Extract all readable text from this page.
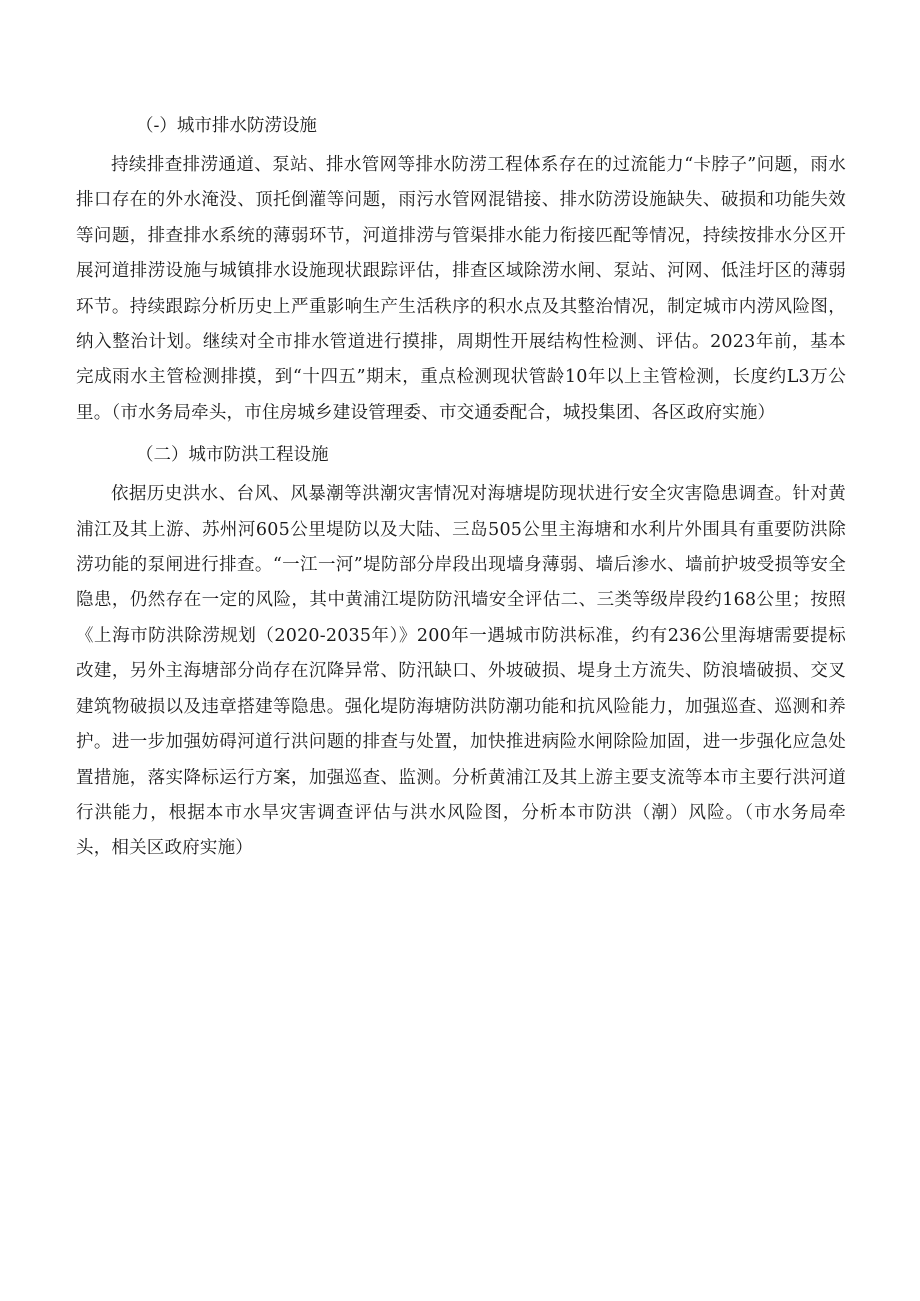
（-）城市排水防涝设施

持续排查排涝通道、泵站、排水管网等排水防涝工程体系存在的过流能力“卡脖子”问题，雨水排口存在的外水淹没、顶托倒灌等问题，雨污水管网混错接、排水防涝设施缺失、破损和功能失效等问题，排查排水系统的薄弱环节，河道排涝与管渠排水能力衔接匹配等情况，持续按排水分区开展河道排涝设施与城镇排水设施现状跟踪评估，排查区域除涝水闸、泵站、河网、低洼圩区的薄弱环节。持续跟踪分析历史上严重影响生产生活秩序的积水点及其整治情况，制定城市内涝风险图，纳入整治计划。继续对全市排水管道进行摸排，周期性开展结构性检测、评估。2023年前，基本完成雨水主管检测排摸，到“十四五”期末，重点检测现状管龄10年以上主管检测，长度约L3万公里。（市水务局牵头，市住房城乡建设管理委、市交通委配合，城投集团、各区政府实施）

（二）城市防洪工程设施

依据历史洪水、台风、风暴潮等洪潮灾害情况对海塘堤防现状进行安全灾害隐患调查。针对黄浦江及其上游、苏州河605公里堤防以及大陆、三岛505公里主海塘和水利片外围具有重要防洪除涝功能的泵闸进行排查。“一江一河”堤防部分岸段出现墙身薄弱、墙后渗水、墙前护坡受损等安全隐患，仍然存在一定的风险，其中黄浦江堤防防汛墙安全评估二、三类等级岸段约168公里；按照《上海市防洪除涝规划（2020-2035年）》200年一遇城市防洪标准，约有236公里海塘需要提标改建，另外主海塘部分尚存在沉降异常、防汛缺口、外坡破损、堤身土方流失、防浪墙破损、交叉建筑物破损以及违章搭建等隐患。强化堤防海塘防洪防潮功能和抗风险能力，加强巡查、巡测和养护。进一步加强妨碍河道行洪问题的排查与处置，加快推进病险水闸除险加固，进一步强化应急处置措施，落实降标运行方案，加强巡查、监测。分析黄浦江及其上游主要支流等本市主要行洪河道行洪能力，根据本市水旱灾害调查评估与洪水风险图，分析本市防洪（潮）风险。（市水务局牵头，相关区政府实施）
